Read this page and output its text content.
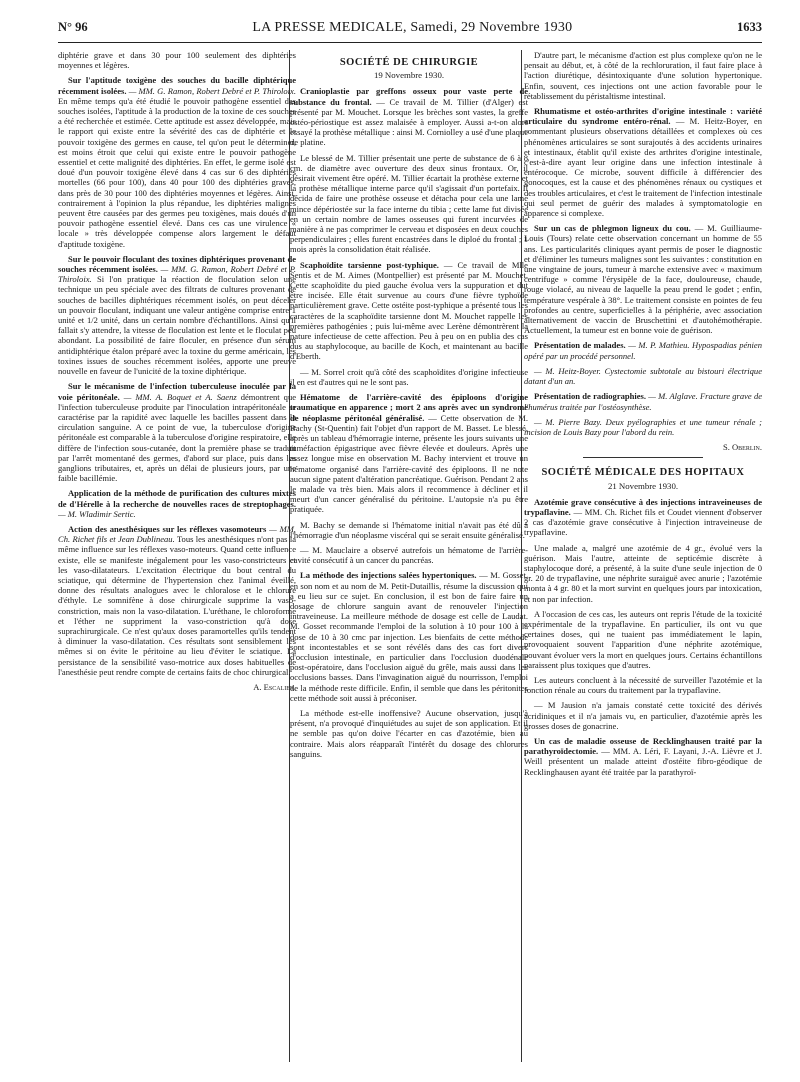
N° 96	LA PRESSE MEDICALE, Samedi, 29 Novembre 1930	1633

diphtérie grave et dans 30 pour 100 seulement des diphtéries moyennes et légères.

Sur l'aptitude toxigène des souches du bacille diphtérique récemment isolées. — MM. G. Ramon, Robert Debré et P. Thiroloix. En même temps qu'a été étudié le pouvoir pathogène essentiel des souches isolées, l'aptitude à la production de la toxine de ces souches a été recherchée et estimée. Cette aptitude est assez développée, mais le rapport qui existe entre la sévérité des cas de diphtérie et le pouvoir toxigène des germes en cause, tel qu'on peut le déterminer, est moins étroit que celui qui existe entre le pouvoir pathogène essentiel et cette malignité des diphtéries. En effet, le germe isolé est doué d'un pouvoir toxigène élevé dans 4 cas sur 6 des diphtéries mortelles (66 pour 100), dans 40 pour 100 des diphtéries graves, dans près de 30 pour 100 des diphtéries moyennes et légères. Ainsi, contrairement à l'opinion la plus répandue, les diphtéries malignes peuvent être causées par des germes peu toxigènes, mais doués d'un pouvoir pathogène essentiel élevé. Dans ces cas une virulence « locale » très développée compense alors largement le défaut d'aptitude toxigène.

Sur le pouvoir floculant des toxines diphtériques provenant de souches récemment isolées. — MM. G. Ramon, Robert Debré et P. Thiroloix. Si l'on pratique la réaction de floculation selon une technique un peu spéciale avec des filtrats de cultures provenant de souches de bacilles diphtériques récemment isolés, on peut déceler un pouvoir floculant, indiquant une valeur antigène comprise entre 1 unité et 1/2 unité, dans un certain nombre d'échantillons. Ainsi qu'il fallait s'y attendre, la vitesse de floculation est lente et le floculat peu abondant. La possibilité de faire floculer, en présence d'un sérum antidiphtérique étalon préparé avec la toxine du germe américain, les toxines issues de souches récemment isolées, apporte une preuve nouvelle en faveur de l'unicité de la toxine diphtérique.

Sur le mécanisme de l'infection tuberculeuse inoculée par la voie péritonéale. — MM. A. Boquet et A. Saenz démontrent que l'infection tuberculeuse produite par l'inoculation intrapéritonéale se caractérise par la rapidité avec laquelle les bacilles passent dans la circulation sanguine. A ce point de vue, la tuberculose d'origine péritonéale est comparable à la tuberculose d'origine respiratoire, elle diffère de l'infection sous-cutanée, dont la première phase se traduit par l'arrêt momentané des germes, d'abord sur place, puis dans les ganglions tributaires, et, après un délai de plusieurs jours, par une faible bacillémie.

Application de la méthode de purification des cultures mixtes de d'Hérelle à la recherche de nouvelles races de streptophages. — M. Wladimir Sertic.

Action des anesthésiques sur les réflexes vasomoteurs — MM. Ch. Richet fils et Jean Dublineau. Tous les anesthésiques n'ont pas la même influence sur les réflexes vaso-moteurs. Quand cette influence existe, elle se manifeste inégalement pour les vaso-constricteurs et les vaso-dilatateurs. L'excitation électrique du bout central du sciatique, qui détermine de l'hypertension chez l'animal éveillé, donne des résultats analogues avec le chloralose et le chlorure d'éthyle. Le somnifène à dose chirurgicale supprime la vaso-constriction, mais non la vaso-dilatation. L'uréthane, le chloroforme et l'éther ne suppriment la vaso-constriction qu'à dose suprachirurgicale. Ce n'est qu'aux doses paramortelles qu'ils tendent à diminuer la vaso-dilatation. Ces résultats sont sensiblement les mêmes si on évite le péritoine au lieu d'éviter le sciatique. La persistance de la sensibilité vaso-motrice aux doses habituelles de l'anesthésie peut rendre compte de certains faits de choc chirurgical.

A. Escalier.

SOCIÉTÉ DE CHIRURGIE
19 Novembre 1930.

Cranioplastie par greffons osseux pour vaste perte de substance du frontal. — Ce travail de M. Tillier (d'Alger) est présenté par M. Mouchet. Lorsque les brèches sont vastes, la greffe ostéo-périostique est assez malaisée à employer. Aussi a-t-on alors essayé la prothèse métallique : ainsi M. Corniolley a usé d'une plaque de platine.

Le blessé de M. Tillier présentait une perte de substance de 6 à 8 cm. de diamètre avec ouverture des deux sinus frontaux. Or, il désirait vivement être opéré. M. Tillier écartait la prothèse externe et la prothèse métallique interne parce qu'il s'agissait d'un portefaix. Il décida de faire une prothèse osseuse et détacha pour cela une lame mince dépériostée sur la face interne du tibia ; cette lame fut divisée en un certain nombre de lames osseuses qui furent incurvées de manière à ne pas comprimer le cerveau et disposées en deux couches perpendiculaires ; elles furent encastrées dans le diploé du frontal ; 1 mois après la consolidation était réalisée.

Scaphoïdite tarsienne post-typhique. — Ce travail de Mlle Sentis et de M. Aimes (Montpellier) est présenté par M. Mouchet. Cette scaphoïdite du pied gauche évolua vers la suppuration et dut être incisée. Elle était survenue au cours d'une fièvre typhoïde particulièrement grave. Cette ostéite post-typhique a présenté tous les caractères de la scaphoïdite tarsienne dont M. Mouchet rappelle les premières pathogénies ; puis lui-même avec Lerène démontrèrent la nature infectieuse de cette affection. Peu à peu on en publia des cas dus au staphylocoque, au bacille de Koch, et maintenant au bacille d'Eberth.

— M. Sorrel croit qu'à côté des scaphoïdites d'origine infectieuse il en est d'autres qui ne le sont pas.

Hématome de l'arrière-cavité des épiploons d'origine traumatique en apparence ; mort 2 ans après avec un syndrome de néoplasme péritonéal généralisé. — Cette observation de M. Bachy (St-Quentin) fait l'objet d'un rapport de M. Basset. Le blessé, après un tableau d'hémorragie interne, présente les jours suivants une tuméfaction épigastrique avec fièvre élevée et douleurs. Après une assez longue mise en observation M. Bachy intervient et trouve un hématome organisé dans l'arrière-cavité des épiploons. Il ne note aucun signe patent d'altération pancréatique. Guérison. Pendant 2 ans le malade va très bien. Mais alors il recommence à décliner et il meurt d'un cancer généralisé du péritoine. L'autopsie n'a pu être pratiquée.

M. Bachy se demande si l'hématome initial n'avait pas été dû à l'hémorragie d'un néoplasme viscéral qui se serait ensuite généralisé.

— M. Mauclaire a observé autrefois un hématome de l'arrière-cavité consécutif à un cancer du pancréas.

La méthode des injections salées hypertoniques. — M. Gosset, en son nom et au nom de M. Petit-Dutaillis, résume la discussion qui a eu lieu sur ce sujet. En conclusion, il est bon de faire faire un dosage de chlorure sanguin avant de renouveler l'injection intraveineuse. La meilleure méthode de dosage est celle de Laudat. M. Gosset recommande l'emploi de la solution à 10 pour 100 à la dose de 10 à 30 cmc par injection. Les bienfaits de cette méthode sont incontestables et se sont révélés dans des cas fort divers d'occlusion intestinale, en particulier dans l'occlusion duodénale post-opératoire, dans l'occlusion aiguë du grêle, mais aussi dans les occlusions basses. Dans l'invagination aiguë du nourrisson, l'emploi de la méthode reste difficile. Enfin, il semble que dans les péritonites cette méthode soit aussi à préconiser.

La méthode est-elle inoffensive? Aucune observation, jusqu'à présent, n'a provoqué d'inquiétudes au sujet de son application. Et il ne semble pas qu'on doive l'écarter en cas d'azotémie, bien au contraire. Mais alors réapparaît l'intérêt du dosage des chlorures sanguins.

D'autre part, le mécanisme d'action est plus complexe qu'on ne le pensait au début, et, à côté de la rechloruration, il faut faire place à l'action diurétique, désintoxiquante d'une solution hypertonique. Enfin, souvent, ces injections ont une action favorable pour le rétablissement du péristaltisme intestinal.

Rhumatisme et ostéo-arthrites d'origine intestinale : variété articulaire du syndrome entéro-rénal. — M. Heitz-Boyer, en commentant plusieurs observations détaillées et complexes où ces phénomènes articulaires se sont surajoutés à des accidents urinaires et intestinaux, établit qu'il existe des arthrites d'origine intestinale, c'est-à-dire ayant leur origine dans une infection intestinale à entérocoque. Ce microbe, souvent difficile à différencier des gonocoques, est la cause et des phénomènes rénaux ou cystiques et des troubles articulaires, et c'est le traitement de l'infection intestinale qui seul permet de guérir des malades à symptomatologie en apparence si complexe.

Sur un cas de phlegmon ligneux du cou. — M. Guilliaume-Louis (Tours) relate cette observation concernant un homme de 55 ans. Les particularités cliniques ayant permis de poser le diagnostic et d'éliminer les tumeurs malignes sont les suivantes : constitution en une vingtaine de jours, tumeur à marche extensive avec « maximum centrifuge » comme l'érysipèle de la face, douloureuse, chaude, rouge violacé, au niveau de laquelle la peau prend le godet ; enfin, température vespérale à 38°. Le traitement consiste en pointes de feu profondes au centre, superficielles à la périphérie, avec association alternativement de vaccin de Bruschettini et d'autohémothérapie. Actuellement, la tumeur est en bonne voie de guérison.

Présentation de malades. — M. P. Mathieu. Hypospadias pénien opéré par un procédé personnel.

— M. Heitz-Boyer. Cystectomie subtotale au bistouri électrique datant d'un an.

Présentation de radiographies. — M. Alglave. Fracture grave de l'humérus traitée par l'ostéosynthèse.

— M. Pierre Bazy. Deux pyélographies et une tumeur rénale ; incision de Louis Bazy pour l'abord du rein.

S. Oberlin.

SOCIÉTÉ MÉDICALE DES HOPITAUX
21 Novembre 1930.

Azotémie grave consécutive à des injections intraveineuses de trypaflavine. — MM. Ch. Richet fils et Coudet viennent d'observer 2 cas d'azotémie grave consécutive à l'injection intraveineuse de trypaflavine.

Une malade a, malgré une azotémie de 4 gr., évolué vers la guérison. Mais l'autre, atteinte de septicémie discrète à staphylocoque doré, a présenté, à la suite d'une seule injection de 0 gr. 20 de trypaflavine, une néphrite suraiguë avec anurie ; l'azotémie monta à 4 gr. 80 et la mort survint en quelques jours par intoxication, et non par infection.

A l'occasion de ces cas, les auteurs ont repris l'étude de la toxicité expérimentale de la trypaflavine. En particulier, ils ont vu que certaines doses, qui ne tuaient pas immédiatement le lapin, provoquaient souvent l'apparition d'une néphrite azotémique, pouvant évoluer vers la mort en quelques jours. Certains échantillons paraissent plus toxiques que d'autres.

Les auteurs concluent à la nécessité de surveiller l'azotémie et la fonction rénale au cours du traitement par la trypaflavine.

— M Jausion n'a jamais constaté cette toxicité des dérivés acridiniques et il n'a jamais vu, en particulier, d'azotémie après les grosses doses de gonacrine.

Un cas de maladie osseuse de Recklinghausen traité par la parathyroïdectomie. — MM. A. Léri, F. Layani, J.-A. Lièvre et J. Weill présentent un malade atteint d'ostéite fibro-géodique de Recklinghausen ayant été traitée par la parathyroï-
